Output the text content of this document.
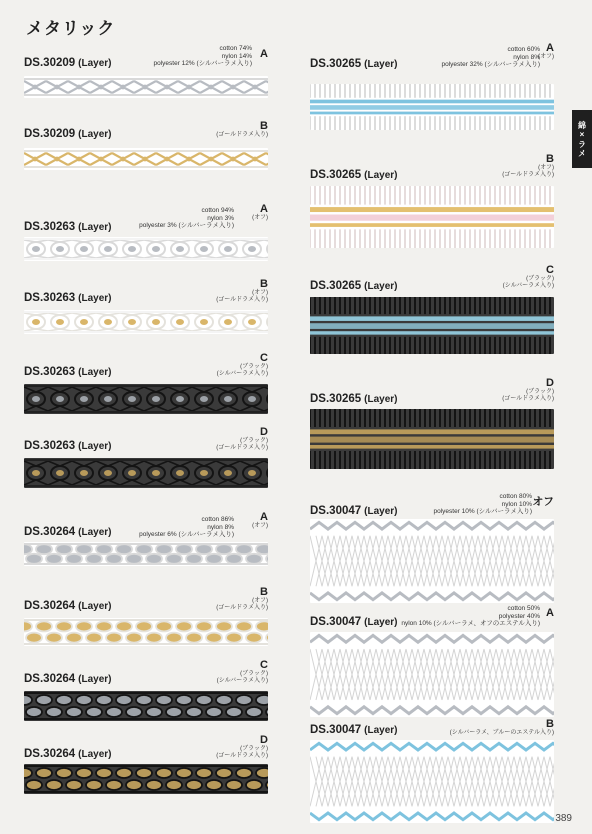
メタリック
綿×ラメ
DS.30209 (Layer)
A
cotton 74%
nylon 14%
polyester 12% (シルバーラメ入り)
DS.30209 (Layer)
B
(ゴールドラメ入り)
DS.30263 (Layer)
A
(オフ)
cotton 94%
nylon 3%
polyester 3% (シルバーラメ入り)
DS.30263 (Layer)
B
(オフ)
(ゴールドラメ入り)
DS.30263 (Layer)
C
(ブラック)
(シルバーラメ入り)
DS.30263 (Layer)
D
(ブラック)
(ゴールドラメ入り)
DS.30264 (Layer)
A
(オフ)
cotton 86%
nylon 8%
polyester 6% (シルバーラメ入り)
DS.30264 (Layer)
B
(オフ)
(ゴールドラメ入り)
DS.30264 (Layer)
C
(ブラック)
(シルバーラメ入り)
DS.30264 (Layer)
D
(ブラック)
(ゴールドラメ入り)
DS.30265 (Layer)
A
(オフ)
cotton 60%
nylon 8%
polyester 32% (シルバーラメ入り)
DS.30265 (Layer)
B
(オフ)
(ゴールドラメ入り)
DS.30265 (Layer)
C
(ブラック)
(シルバーラメ入り)
DS.30265 (Layer)
D
(ブラック)
(ゴールドラメ入り)
DS.30047 (Layer)
オフ
cotton 80%
nylon 10%
polyester 10% (シルバーラメ入り)
DS.30047 (Layer)
A
cotton 50%
polyester 40%
nylon 10% (シルバーラメ、オフのエステル入り)
DS.30047 (Layer)
B
(シルバーラメ、ブルーのエステル入り)
389
